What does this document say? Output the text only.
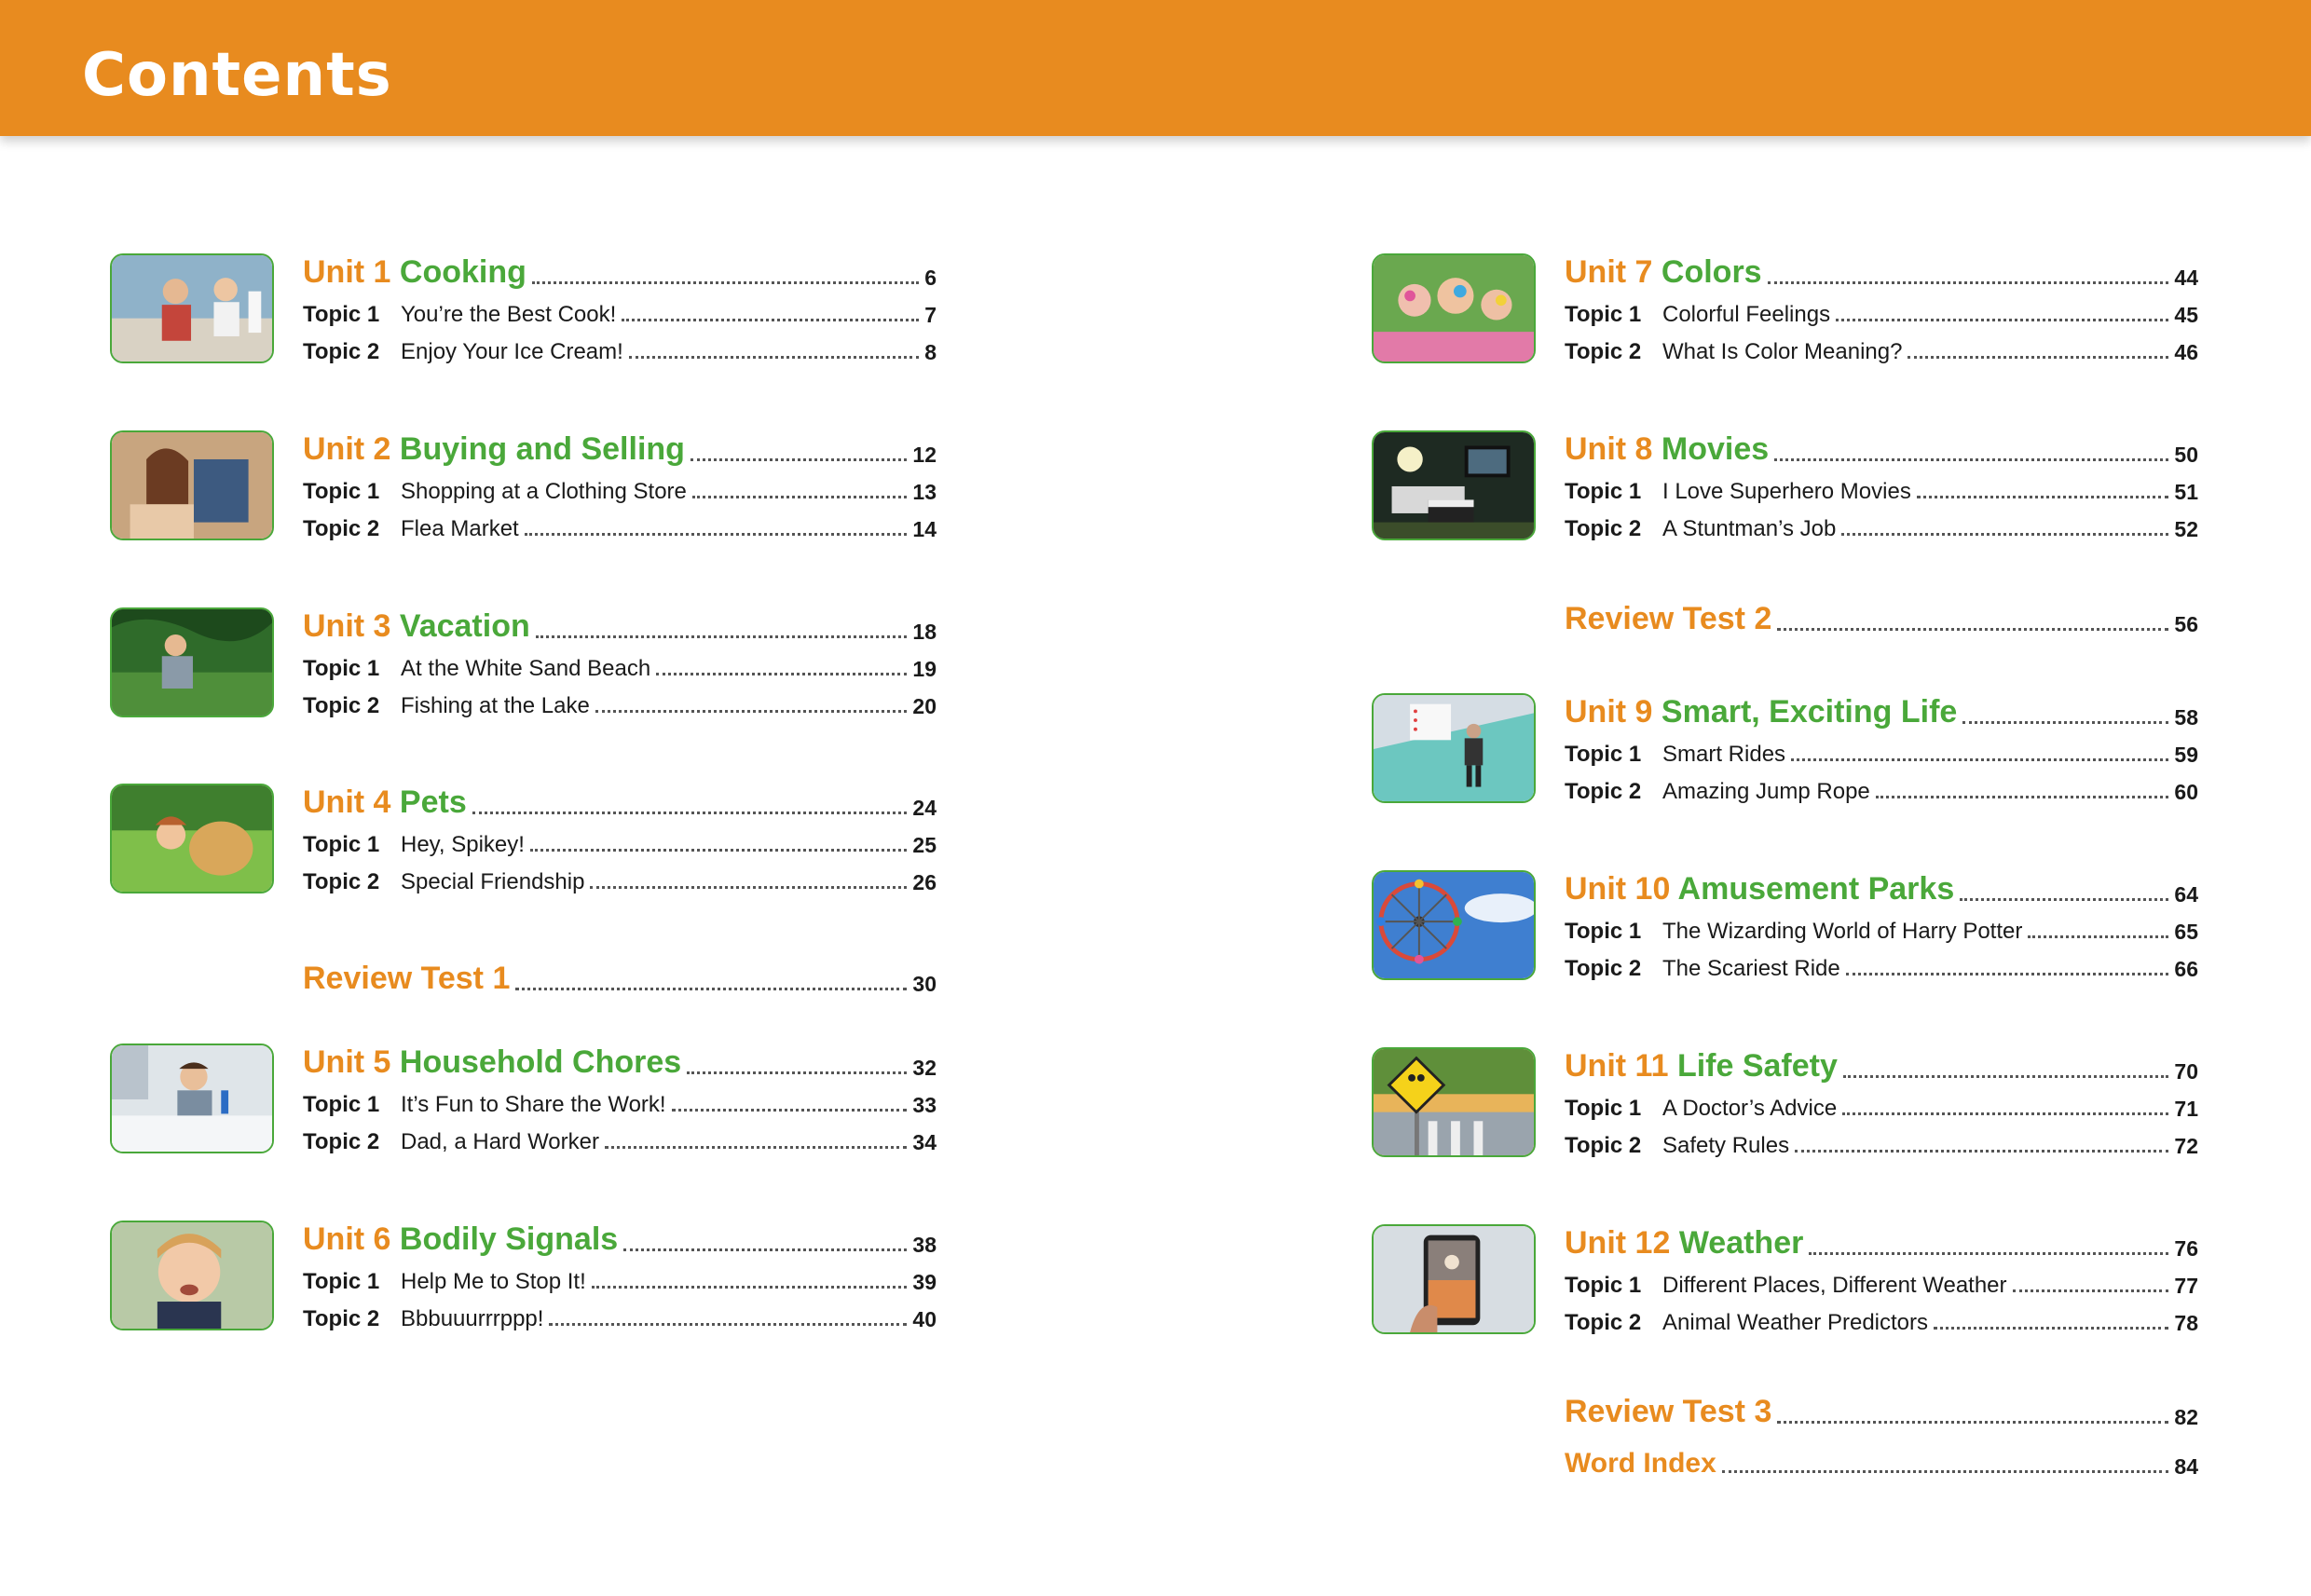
Contents
Unit 1 Cooking	6
Topic 1 You’re the Best Cook!	7
Topic 2 Enjoy Your Ice Cream!	8
Unit 2 Buying and Selling	12
Topic 1 Shopping at a Clothing Store	13
Topic 2 Flea Market	14
Unit 3 Vacation	18
Topic 1 At the White Sand Beach	19
Topic 2 Fishing at the Lake	20
Unit 4 Pets	24
Topic 1 Hey, Spikey!	25
Topic 2 Special Friendship	26
Review Test 1	30
Unit 5 Household Chores	32
Topic 1 It’s Fun to Share the Work!	33
Topic 2 Dad, a Hard Worker	34
Unit 6 Bodily Signals	38
Topic 1 Help Me to Stop It!	39
Topic 2 Bbbuuurrrppp!	40
Unit 7 Colors	44
Topic 1 Colorful Feelings	45
Topic 2 What Is Color Meaning?	46
Unit 8 Movies	50
Topic 1 I Love Superhero Movies	51
Topic 2 A Stuntman’s Job	52
Review Test 2	56
Unit 9 Smart, Exciting Life	58
Topic 1 Smart Rides	59
Topic 2 Amazing Jump Rope	60
Unit 10 Amusement Parks	64
Topic 1 The Wizarding World of Harry Potter	65
Topic 2 The Scariest Ride	66
Unit 11 Life Safety	70
Topic 1 A Doctor’s Advice	71
Topic 2 Safety Rules	72
Unit 12 Weather	76
Topic 1 Different Places, Different Weather	77
Topic 2 Animal Weather Predictors	78
Review Test 3	82
Word Index	84
